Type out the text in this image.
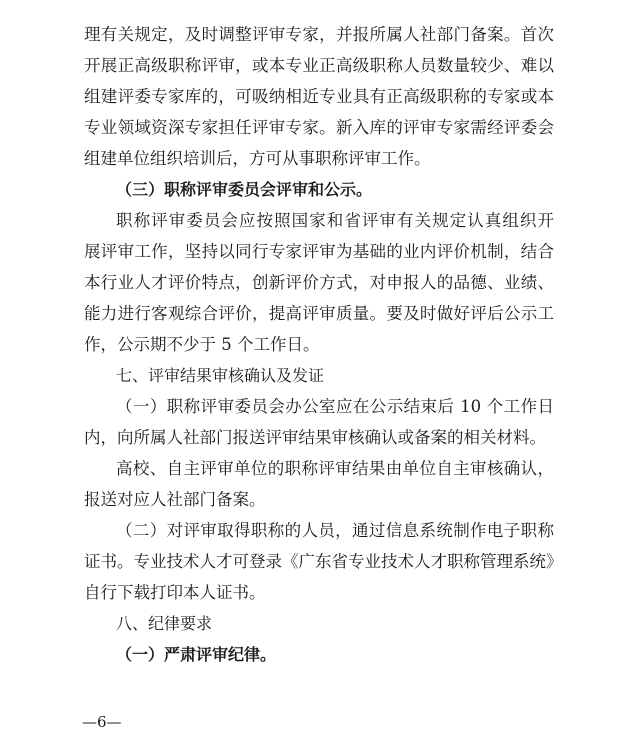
理有关规定，及时调整评审专家，并报所属人社部门备案。首次
开展正高级职称评审，或本专业正高级职称人员数量较少、难以
组建评委专家库的，可吸纳相近专业具有正高级职称的专家或本
专业领域资深专家担任评审专家。新入库的评审专家需经评委会
组建单位组织培训后，方可从事职称评审工作。
（三）职称评审委员会评审和公示。
职称评审委员会应按照国家和省评审有关规定认真组织开
展评审工作，坚持以同行专家评审为基础的业内评价机制，结合
本行业人才评价特点，创新评价方式，对申报人的品德、业绩、
能力进行客观综合评价，提高评审质量。要及时做好评后公示工
作，公示期不少于 5 个工作日。
七、评审结果审核确认及发证
（一）职称评审委员会办公室应在公示结束后 10 个工作日
内，向所属人社部门报送评审结果审核确认或备案的相关材料。
高校、自主评审单位的职称评审结果由单位自主审核确认，
报送对应人社部门备案。
（二）对评审取得职称的人员，通过信息系统制作电子职称
证书。专业技术人才可登录《广东省专业技术人才职称管理系统》
自行下载打印本人证书。
八、纪律要求
（一）严肃评审纪律。
—6—
